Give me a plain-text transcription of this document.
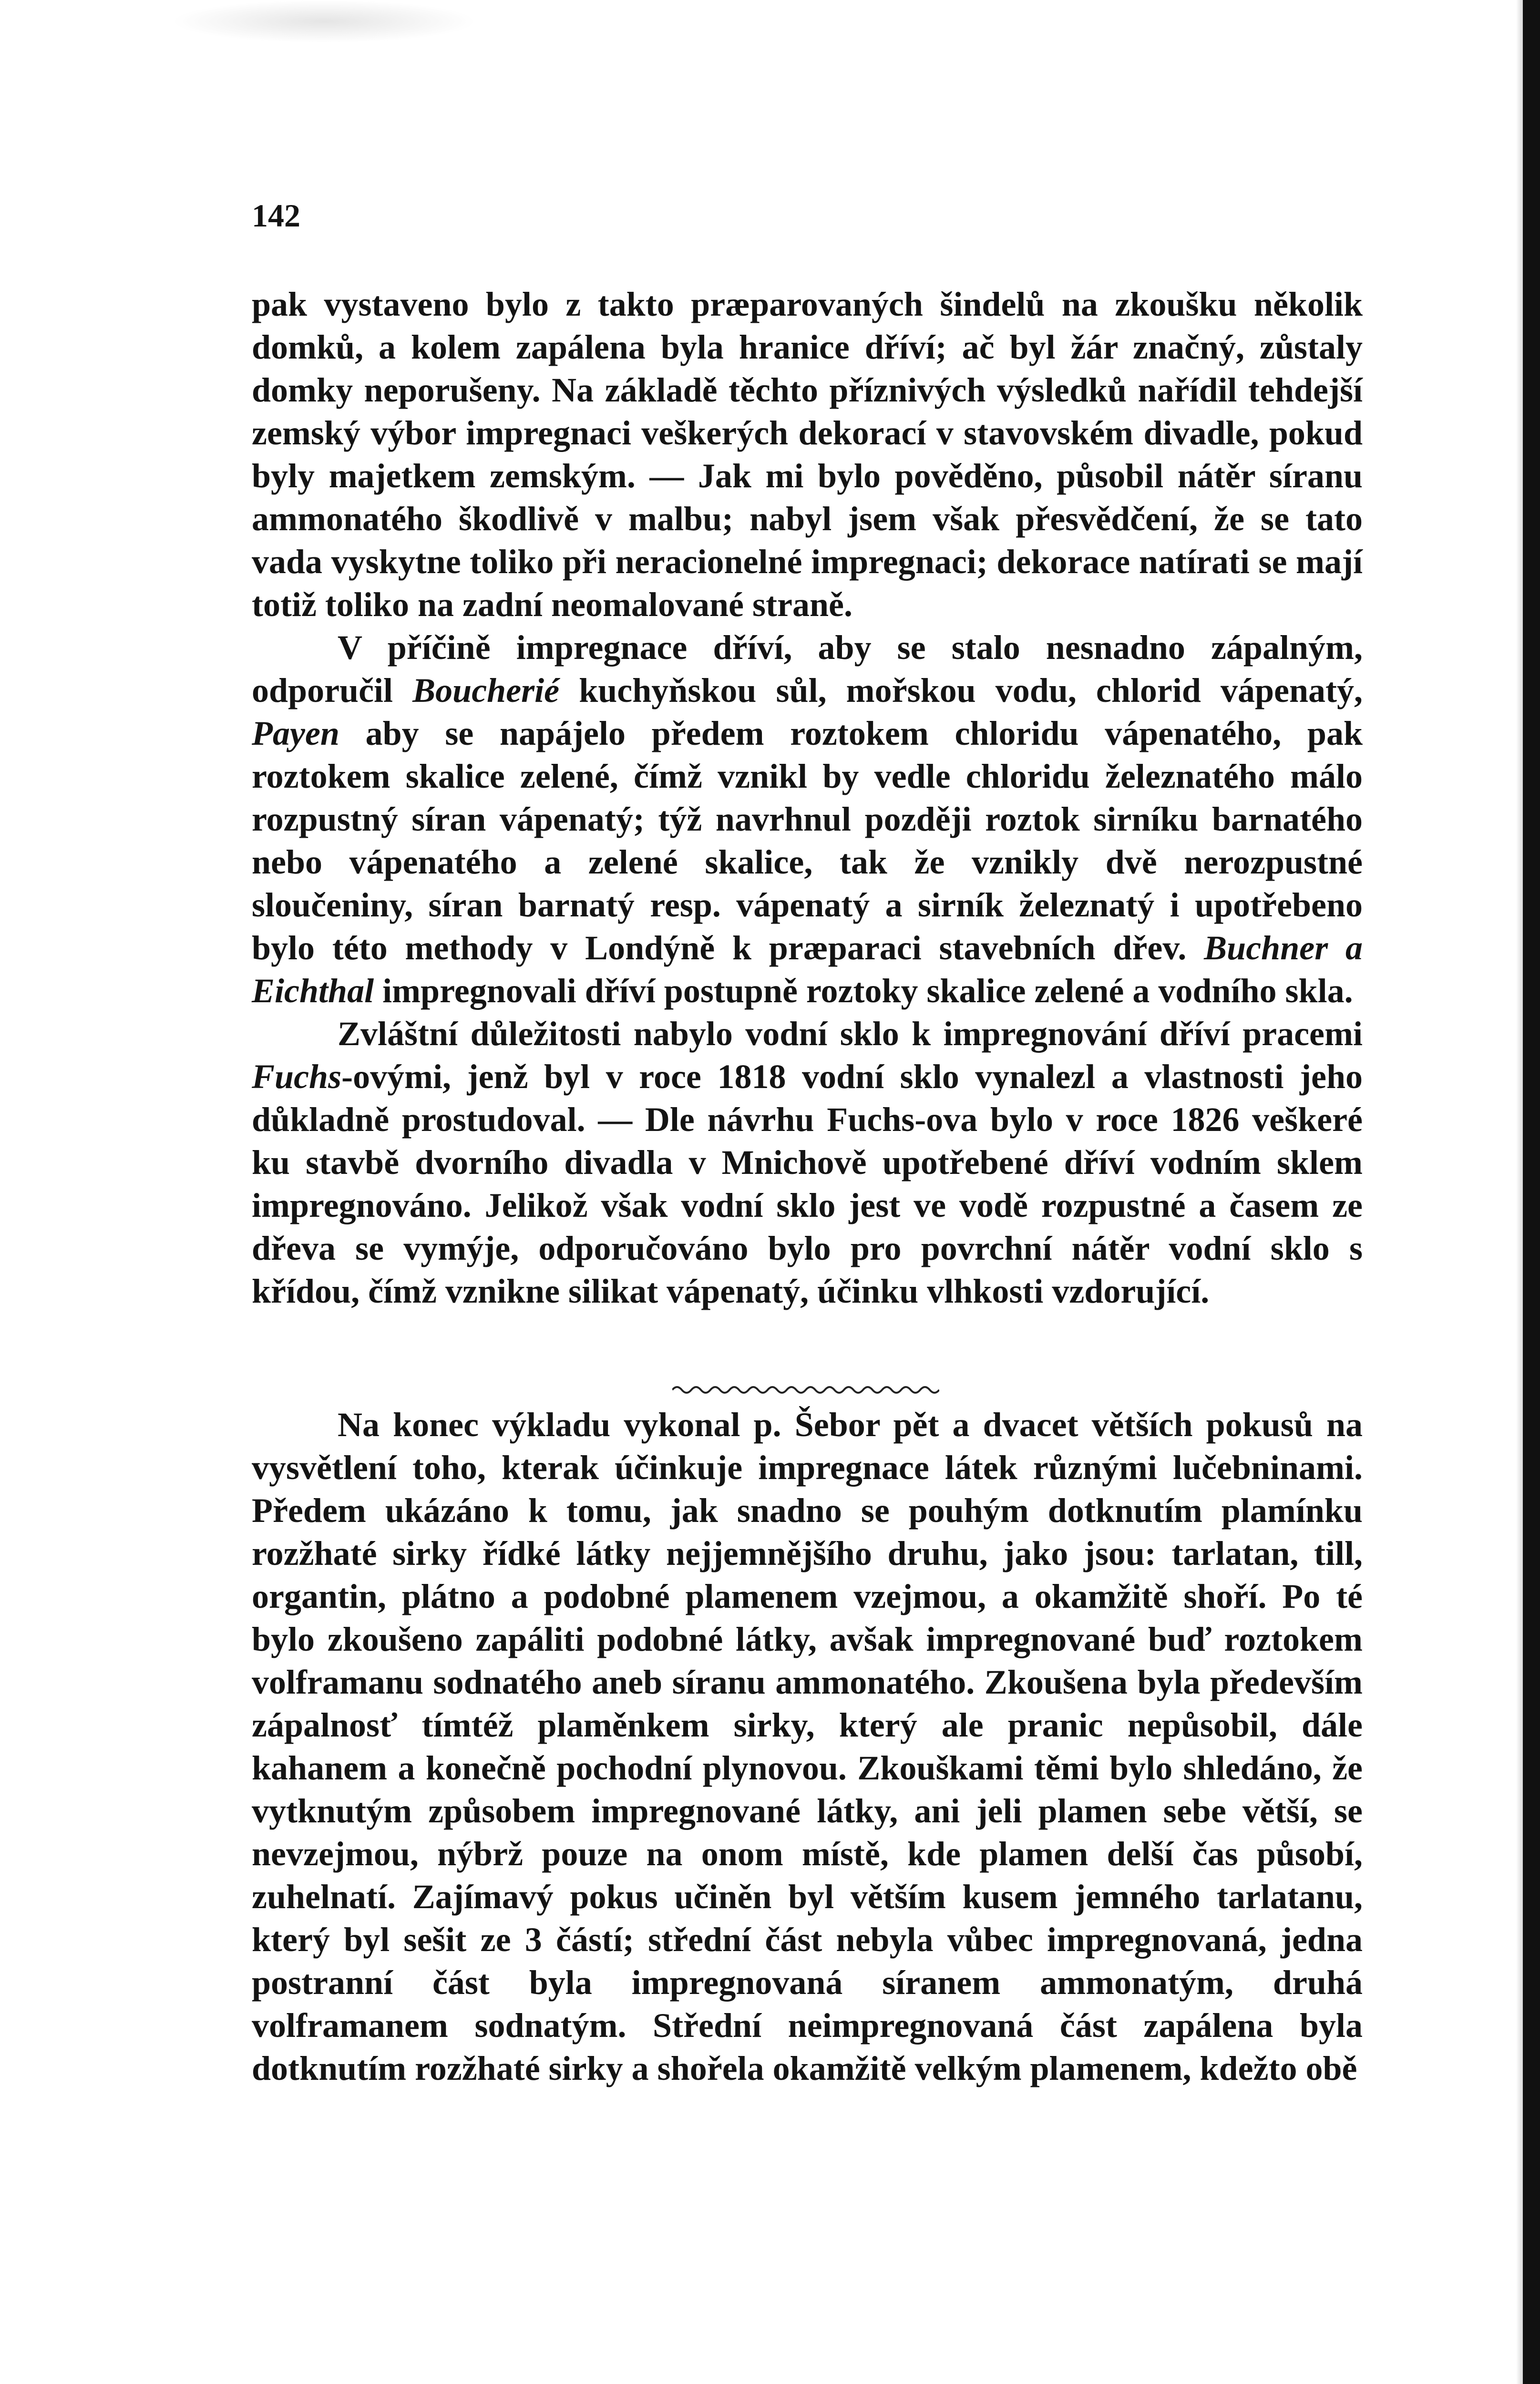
142

pak vystaveno bylo z takto præparovaných šindelů na zkoušku několik domků, a kolem zapálena byla hranice dříví; ač byl žár značný, zůstaly domky neporušeny. Na základě těchto příznivých výsledků nařídil tehdejší zemský výbor impregnaci veškerých dekorací v stavovském divadle, pokud byly majetkem zemským. — Jak mi bylo pověděno, působil nátěr síranu ammonatého škodlivě v malbu; nabyl jsem však přesvědčení, že se tato vada vyskytne toliko při neracionelné impregnaci; dekorace natírati se mají totiž toliko na zadní neomalované straně.

V příčině impregnace dříví, aby se stalo nesnadno zápalným, odporučil Boucherié kuchyňskou sůl, mořskou vodu, chlorid vápenatý, Payen aby se napájelo předem roztokem chloridu vápenatého, pak roztokem skalice zelené, čímž vznikl by vedle chloridu železnatého málo rozpustný síran vápenatý; týž navrhnul později roztok sirníku barnatého nebo vápenatého a zelené skalice, tak že vznikly dvě nerozpustné sloučeniny, síran barnatý resp. vápenatý a sirník železnatý i upotřebeno bylo této methody v Londýně k præparaci stavebních dřev. Buchner a Eichthal impregnovali dříví postupně roztoky skalice zelené a vodního skla.

Zvláštní důležitosti nabylo vodní sklo k impregnování dříví pracemi Fuchs-ovými, jenž byl v roce 1818 vodní sklo vynalezl a vlastnosti jeho důkladně prostudoval. — Dle návrhu Fuchs-ova bylo v roce 1826 veškeré ku stavbě dvorního divadla v Mnichově upotřebené dříví vodním sklem impregnováno. Jelikož však vodní sklo jest ve vodě rozpustné a časem ze dřeva se vymýje, odporučováno bylo pro povrchní nátěr vodní sklo s křídou, čímž vznikne silikat vápenatý, účinku vlhkosti vzdorující.

Na konec výkladu vykonal p. Šebor pět a dvacet větších pokusů na vysvětlení toho, kterak účinkuje impregnace látek různými lučebninami. Předem ukázáno k tomu, jak snadno se pouhým dotknutím plamínku rozžhaté sirky řídké látky nejjemnějšího druhu, jako jsou: tarlatan, till, organtin, plátno a podobné plamenem vzejmou, a okamžitě shoří. Po té bylo zkoušeno zapáliti podobné látky, avšak impregnované buď roztokem volframanu sodnatého aneb síranu ammonatého. Zkoušena byla především zápalnosť tímtéž plaměnkem sirky, který ale pranic nepůsobil, dále kahanem a konečně pochodní plynovou. Zkouškami těmi bylo shledáno, že vytknutým způsobem impregnované látky, ani jeli plamen sebe větší, se nevzejmou, nýbrž pouze na onom místě, kde plamen delší čas působí, zuhelnatí. Zajímavý pokus učiněn byl větším kusem jemného tarlatanu, který byl sešit ze 3 částí; střední část nebyla vůbec impregnovaná, jedna postranní část byla impregnovaná síranem ammonatým, druhá volframanem sodnatým. Střední neimpregnovaná část zapálena byla dotknutím rozžhaté sirky a shořela okamžitě velkým plamenem, kdežto obě
